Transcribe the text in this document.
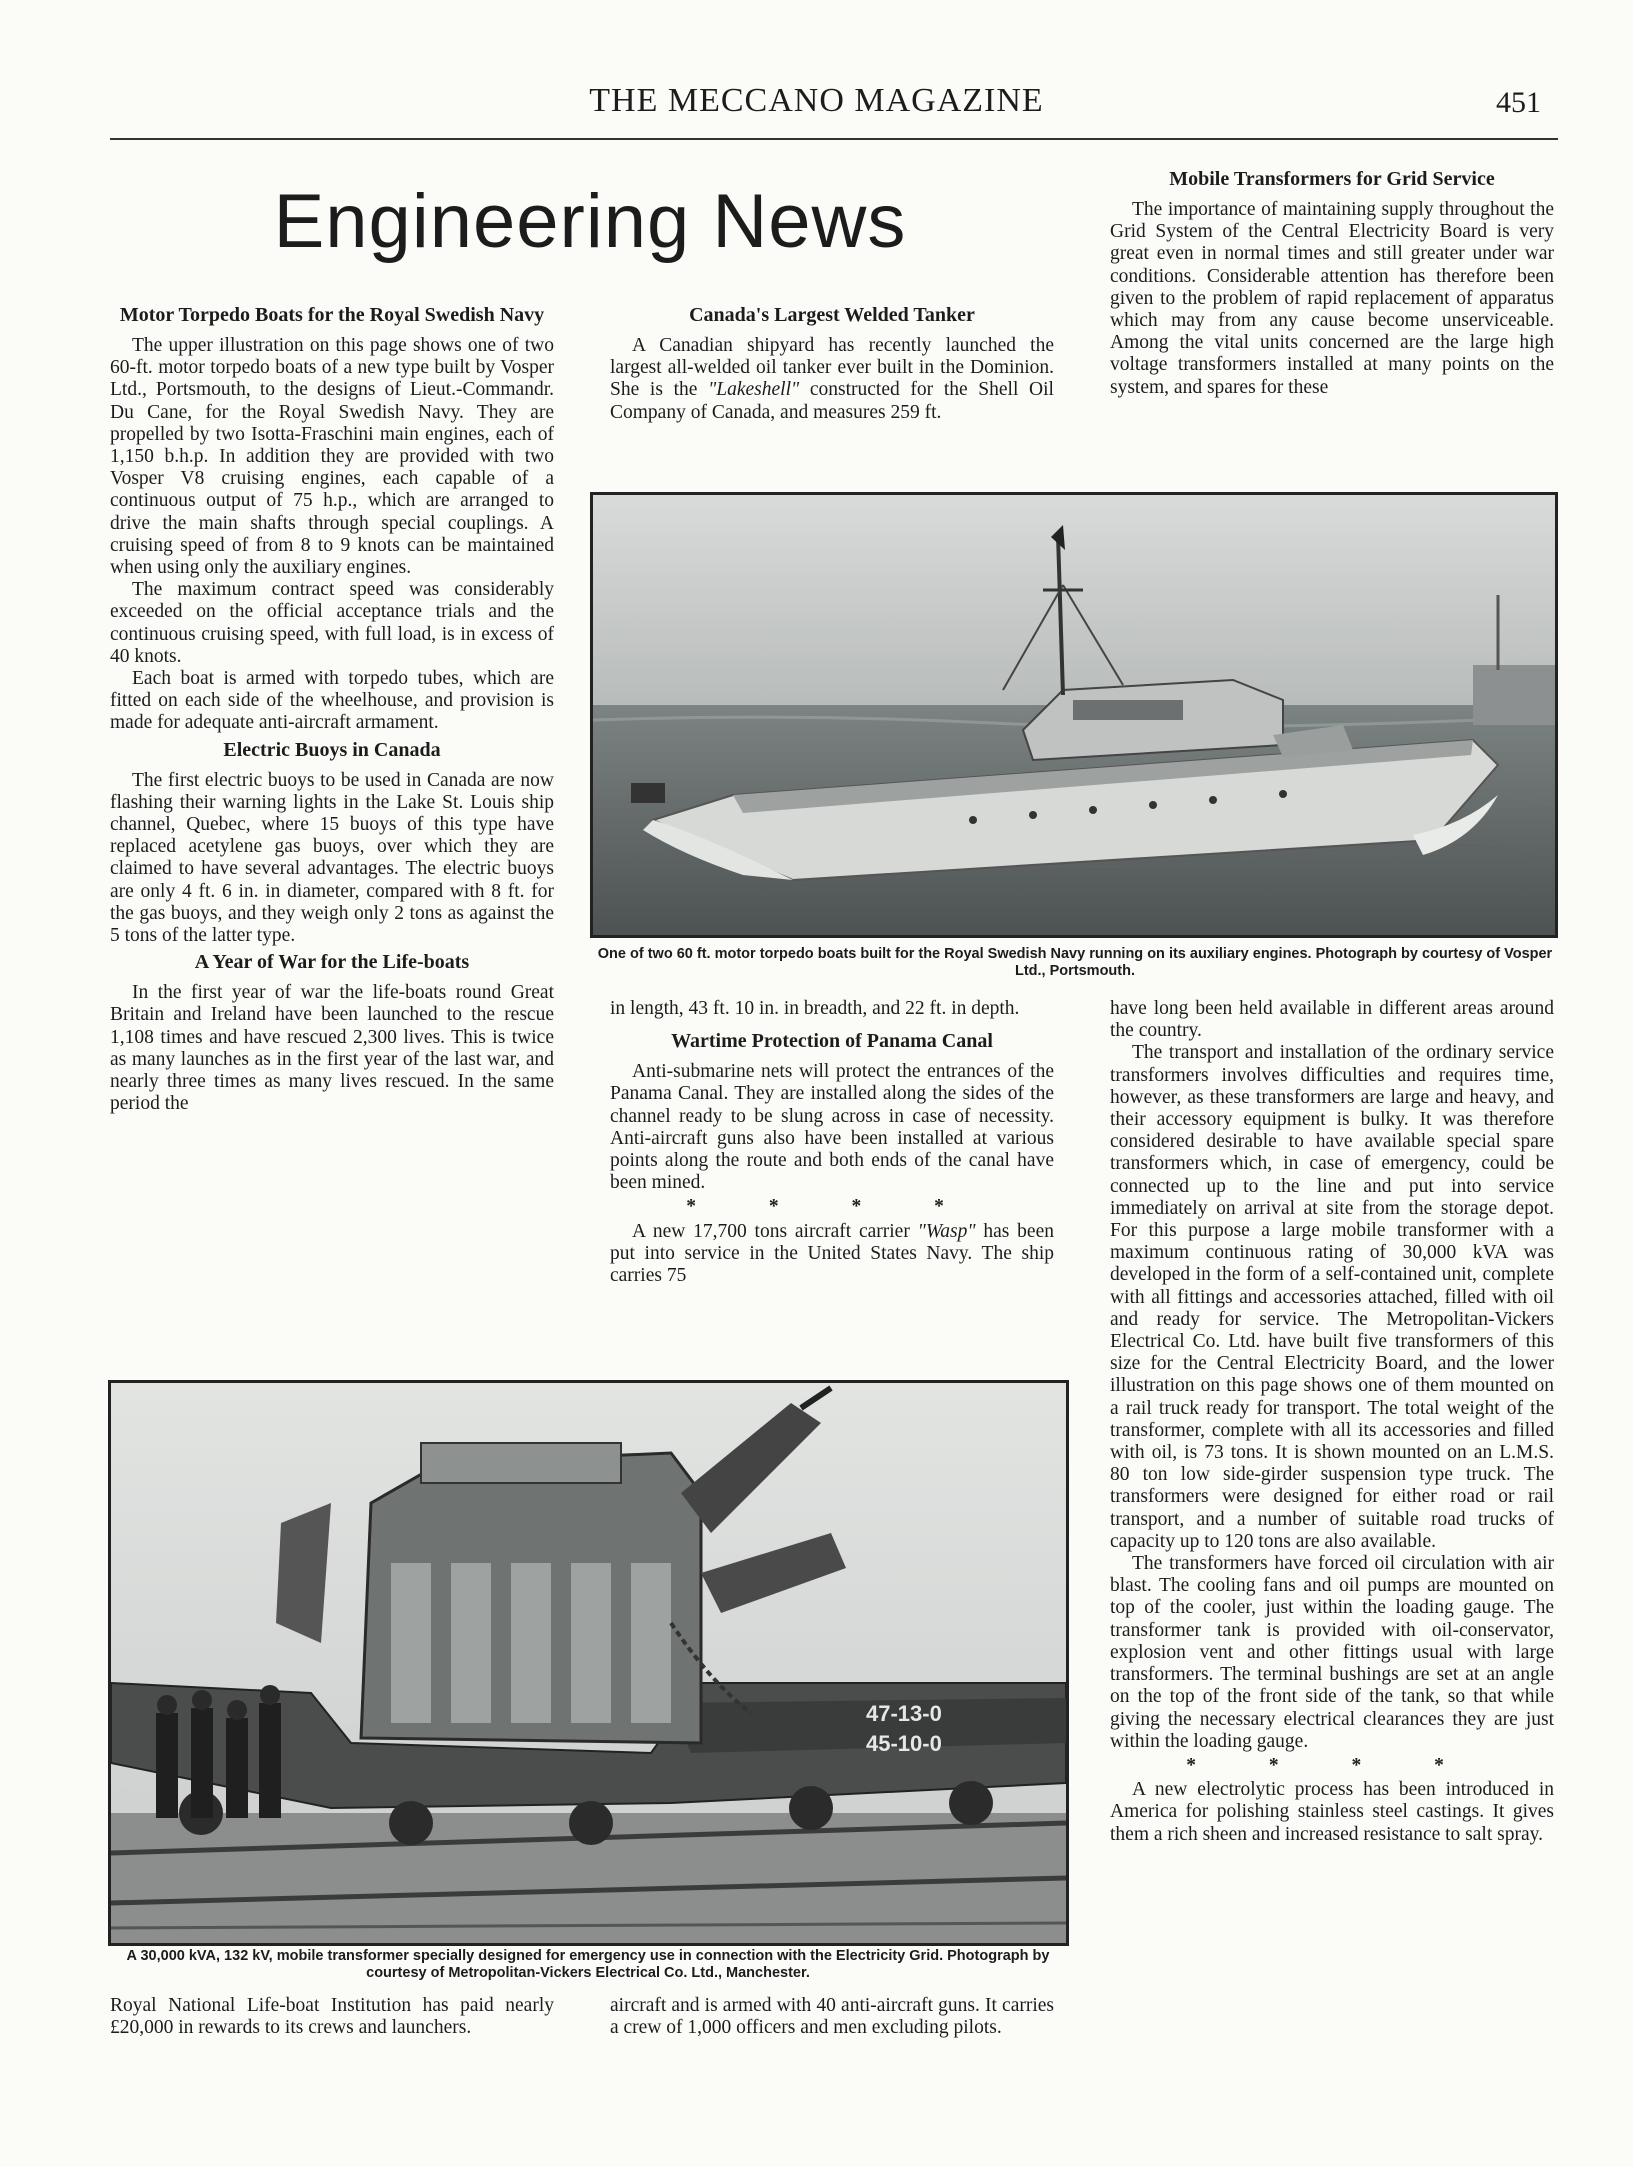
THE MECCANO MAGAZINE	451
Engineering News
Motor Torpedo Boats for the Royal Swedish Navy

The upper illustration on this page shows one of two 60-ft. motor torpedo boats of a new type built by Vosper Ltd., Portsmouth, to the designs of Lieut.-Commandr. Du Cane, for the Royal Swedish Navy. They are propelled by two Isotta-Fraschini main engines, each of 1,150 b.h.p. In addition they are provided with two Vosper V8 cruising engines, each capable of a continuous output of 75 h.p., which are arranged to drive the main shafts through special couplings. A cruising speed of from 8 to 9 knots can be maintained when using only the auxiliary engines.

The maximum contract speed was considerably exceeded on the official acceptance trials and the continuous cruising speed, with full load, is in excess of 40 knots.

Each boat is armed with torpedo tubes, which are fitted on each side of the wheelhouse, and provision is made for adequate anti-aircraft armament.

Electric Buoys in Canada

The first electric buoys to be used in Canada are now flashing their warning lights in the Lake St. Louis ship channel, Quebec, where 15 buoys of this type have replaced acetylene gas buoys, over which they are claimed to have several advantages. The electric buoys are only 4 ft. 6 in. in diameter, compared with 8 ft. for the gas buoys, and they weigh only 2 tons as against the 5 tons of the latter type.

A Year of War for the Life-boats

In the first year of war the life-boats round Great Britain and Ireland have been launched to the rescue 1,108 times and have rescued 2,300 lives. This is twice as many launches as in the first year of the last war, and nearly three times as many lives rescued. In the same period the

Royal National Life-boat Institution has paid nearly £20,000 in rewards to its crews and launchers.

Canada's Largest Welded Tanker

A Canadian shipyard has recently launched the largest all-welded oil tanker ever built in the Dominion. She is the "Lakeshell" constructed for the Shell Oil Company of Canada, and measures 259 ft.

in length, 43 ft. 10 in. in breadth, and 22 ft. in depth.

Wartime Protection of Panama Canal

Anti-submarine nets will protect the entrances of the Panama Canal. They are installed along the sides of the channel ready to be slung across in case of necessity. Anti-aircraft guns also have been installed at various points along the route and both ends of the canal have been mined.

* * * *

A new 17,700 tons aircraft carrier "Wasp" has been put into service in the United States Navy. The ship carries 75

aircraft and is armed with 40 anti-aircraft guns. It carries a crew of 1,000 officers and men excluding pilots.

Mobile Transformers for Grid Service

The importance of maintaining supply throughout the Grid System of the Central Electricity Board is very great even in normal times and still greater under war conditions. Considerable attention has therefore been given to the problem of rapid replacement of apparatus which may from any cause become unserviceable. Among the vital units concerned are the large high voltage transformers installed at many points on the system, and spares for these

have long been held available in different areas around the country.

The transport and installation of the ordinary service transformers involves difficulties and requires time, however, as these transformers are large and heavy, and their accessory equipment is bulky. It was therefore considered desirable to have available special spare transformers which, in case of emergency, could be connected up to the line and put into service immediately on arrival at site from the storage depot. For this purpose a large mobile transformer with a maximum continuous rating of 30,000 kVA was developed in the form of a self-contained unit, complete with all fittings and accessories attached, filled with oil and ready for service. The Metropolitan-Vickers Electrical Co. Ltd. have built five transformers of this size for the Central Electricity Board, and the lower illustration on this page shows one of them mounted on a rail truck ready for transport. The total weight of the transformer, complete with all its accessories and filled with oil, is 73 tons. It is shown mounted on an L.M.S. 80 ton low side-girder suspension type truck. The transformers were designed for either road or rail transport, and a number of suitable road trucks of capacity up to 120 tons are also available.

The transformers have forced oil circulation with air blast. The cooling fans and oil pumps are mounted on top of the cooler, just within the loading gauge. The transformer tank is provided with oil-conservator, explosion vent and other fittings usual with large transformers. The terminal bushings are set at an angle on the top of the front side of the tank, so that while giving the necessary electrical clearances they are just within the loading gauge.

* * * *

A new electrolytic process has been introduced in America for polishing stainless steel castings. It gives them a rich sheen and increased resistance to salt spray.

One of two 60 ft. motor torpedo boats built for the Royal Swedish Navy running on its auxiliary engines. Photograph by courtesy of Vosper Ltd., Portsmouth.
47-13-0
45-10-0
A 30,000 kVA, 132 kV, mobile transformer specially designed for emergency use in connection with the Electricity Grid. Photograph by courtesy of Metropolitan-Vickers Electrical Co. Ltd., Manchester.
